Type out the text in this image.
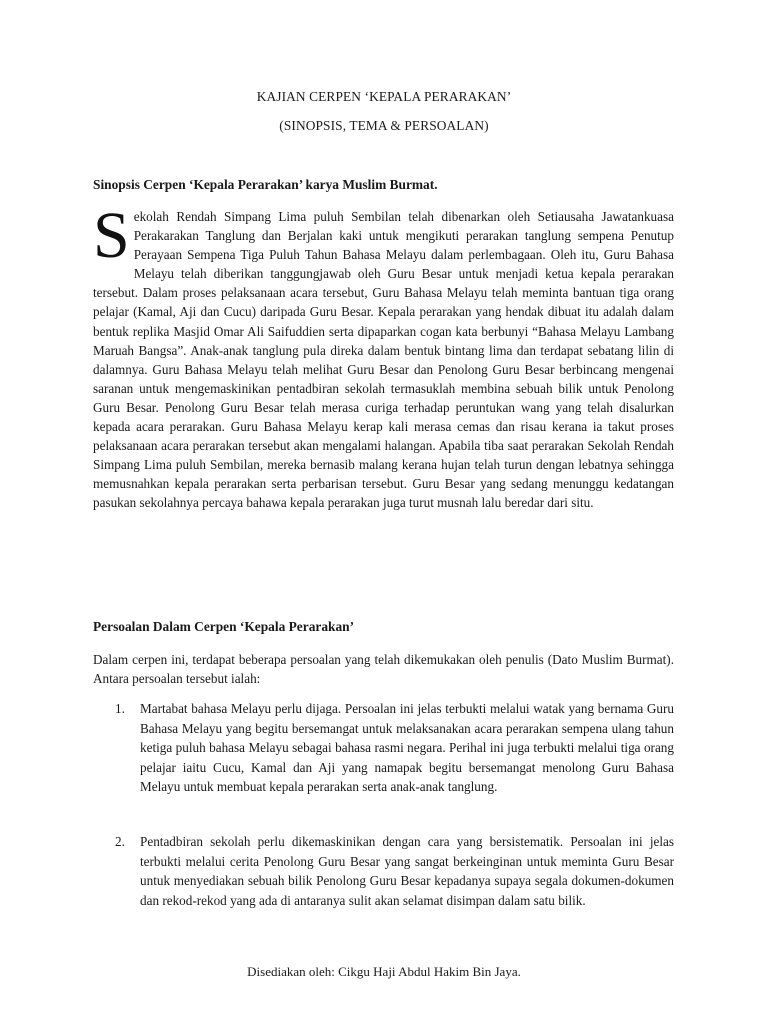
KAJIAN CERPEN ‘KEPALA PERARAKAN’
(SINOPSIS, TEMA & PERSOALAN)
Sinopsis Cerpen ‘Kepala Perarakan’ karya Muslim Burmat.

Sekolah Rendah Simpang Lima puluh Sembilan telah dibenarkan oleh Setiausaha Jawatankuasa Perakarakan Tanglung dan Berjalan kaki untuk mengikuti perarakan tanglung sempena Penutup Perayaan Sempena Tiga Puluh Tahun Bahasa Melayu dalam perlembagaan. Oleh itu, Guru Bahasa Melayu telah diberikan tanggungjawab oleh Guru Besar untuk menjadi ketua kepala perarakan tersebut. Dalam proses pelaksanaan acara tersebut, Guru Bahasa Melayu telah meminta bantuan tiga orang pelajar (Kamal, Aji dan Cucu) daripada Guru Besar. Kepala perarakan yang hendak dibuat itu adalah dalam bentuk replika Masjid Omar Ali Saifuddien serta dipaparkan cogan kata berbunyi “Bahasa Melayu Lambang Maruah Bangsa”. Anak-anak tanglung pula direka dalam bentuk bintang lima dan terdapat sebatang lilin di dalamnya. Guru Bahasa Melayu telah melihat Guru Besar dan Penolong Guru Besar berbincang mengenai saranan untuk mengemaskinikan pentadbiran sekolah termasuklah membina sebuah bilik untuk Penolong Guru Besar. Penolong Guru Besar telah merasa curiga terhadap peruntukan wang yang telah disalurkan kepada acara perarakan. Guru Bahasa Melayu kerap kali merasa cemas dan risau kerana ia takut proses pelaksanaan acara perarakan tersebut akan mengalami halangan. Apabila tiba saat perarakan Sekolah Rendah Simpang Lima puluh Sembilan, mereka bernasib malang kerana hujan telah turun dengan lebatnya sehingga memusnahkan kepala perarakan serta perbarisan tersebut. Guru Besar yang sedang menunggu kedatangan pasukan sekolahnya percaya bahawa kepala perarakan juga turut musnah lalu beredar dari situ.

Persoalan Dalam Cerpen ‘Kepala Perarakan’

Dalam cerpen ini, terdapat beberapa persoalan yang telah dikemukakan oleh penulis (Dato Muslim Burmat). Antara persoalan tersebut ialah:

1. Martabat bahasa Melayu perlu dijaga. Persoalan ini jelas terbukti melalui watak yang bernama Guru Bahasa Melayu yang begitu bersemangat untuk melaksanakan acara perarakan sempena ulang tahun ketiga puluh bahasa Melayu sebagai bahasa rasmi negara. Perihal ini juga terbukti melalui tiga orang pelajar iaitu Cucu, Kamal dan Aji yang namapak begitu bersemangat menolong Guru Bahasa Melayu untuk membuat kepala perarakan serta anak-anak tanglung.
2. Pentadbiran sekolah perlu dikemaskinikan dengan cara yang bersistematik. Persoalan ini jelas terbukti melalui cerita Penolong Guru Besar yang sangat berkeinginan untuk meminta Guru Besar untuk menyediakan sebuah bilik Penolong Guru Besar kepadanya supaya segala dokumen-dokumen dan rekod-rekod yang ada di antaranya sulit akan selamat disimpan dalam satu bilik.
Disediakan oleh: Cikgu Haji Abdul Hakim Bin Jaya.
